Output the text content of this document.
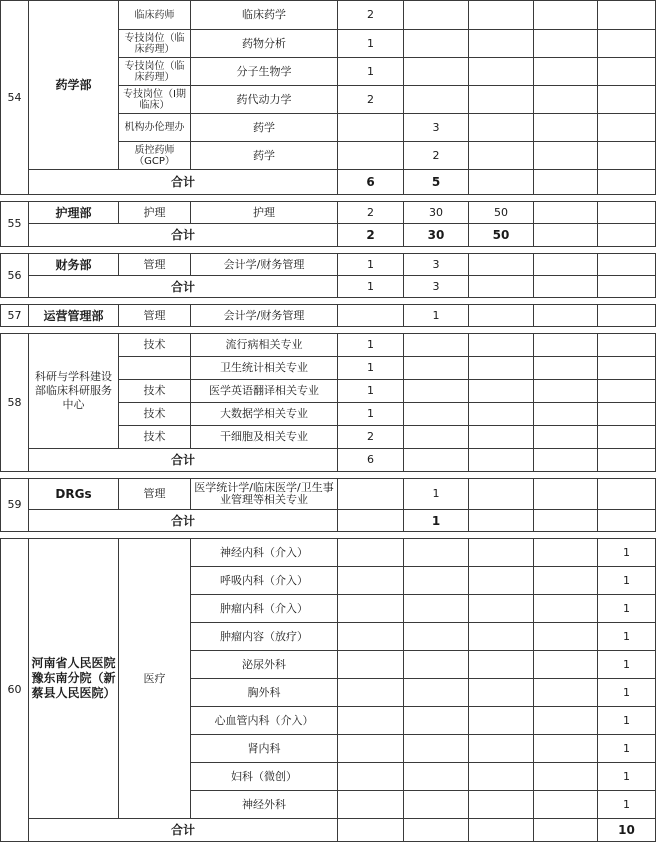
54	药学部	临床药师	临床药学	2				
		专技岗位（临床药理）	药物分析	1				
		专技岗位（临床药理）	分子生物学	1				
		专技岗位（Ⅰ期临床）	药代动力学	2				
		机构办伦理办	药学		3			
		质控药师（GCP）	药学		2			
	合计			6	5			

55	护理部	护理	护理	2	30	50		
	合计			2	30	50		

56	财务部	管理	会计学/财务管理	1	3			
	合计			1	3			

57	运营管理部	管理	会计学/财务管理		1			

58	科研与学科建设部临床科研服务中心	技术	流行病相关专业	1				
			卫生统计相关专业	1				
		技术	医学英语翻译相关专业	1				
		技术	大数据学相关专业	1				
		技术	干细胞及相关专业	2				
	合计			6				

59	DRGs	管理	医学统计学/临床医学/卫生事业管理等相关专业		1			
	合计				1			

60	河南省人民医院豫东南分院（新蔡县人民医院）	医疗	神经内科（介入）					1
			呼吸内科（介入）					1
			肿瘤内科（介入）					1
			肿瘤内容（放疗）					1
			泌尿外科					1
			胸外科					1
			心血管内科（介入）					1
			肾内科					1
			妇科（微创）					1
			神经外科					1
	合计							10
